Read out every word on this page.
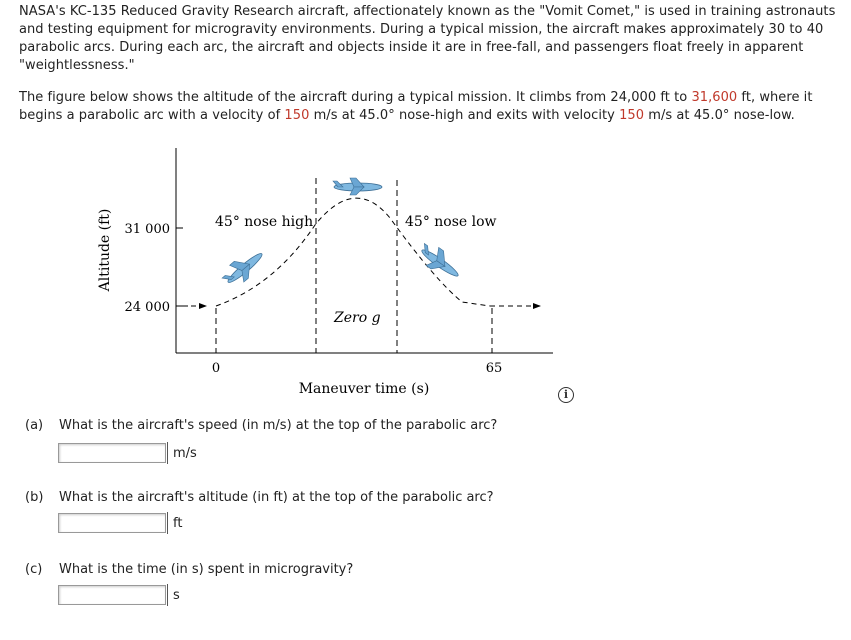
NASA's KC-135 Reduced Gravity Research aircraft, affectionately known as the "Vomit Comet," is used in training astronauts and testing equipment for microgravity environments. During a typical mission, the aircraft makes approximately 30 to 40 parabolic arcs. During each arc, the aircraft and objects inside it are in free-fall, and passengers float freely in apparent "weightlessness."
The figure below shows the altitude of the aircraft during a typical mission. It climbs from 24,000 ft to 31,600 ft, where it begins a parabolic arc with a velocity of 150 m/s at 45.0° nose-high and exits with velocity 150 m/s at 45.0° nose-low.
Altitude (ft) 31 000
24 000
45° nose high	45° nose low
Zero g
0	65
Maneuver time (s)	i
(a) What is the aircraft's speed (in m/s) at the top of the parabolic arc?
m/s
(b) What is the aircraft's altitude (in ft) at the top of the parabolic arc?
ft
(c) What is the time (in s) spent in microgravity?
s
